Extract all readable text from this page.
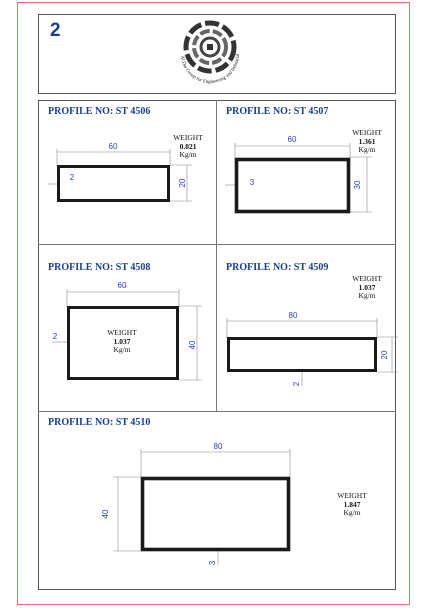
2
Al Dar Group for Engineering and Industrial
PROFILE NO: ST 4506	PROFILE NO: ST 4507
PROFILE NO: ST 4508	PROFILE NO: ST 4509
PROFILE NO: ST 4510
WEIGHT
0.821
Kg/m
WEIGHT
1.361
Kg/m
WEIGHT
1.037
Kg/m
WEIGHT
1.037
Kg/m
WEIGHT
1.847
Kg/m
60
20
2
60
30
3
60
40
2
80
20
2
80
40
3
